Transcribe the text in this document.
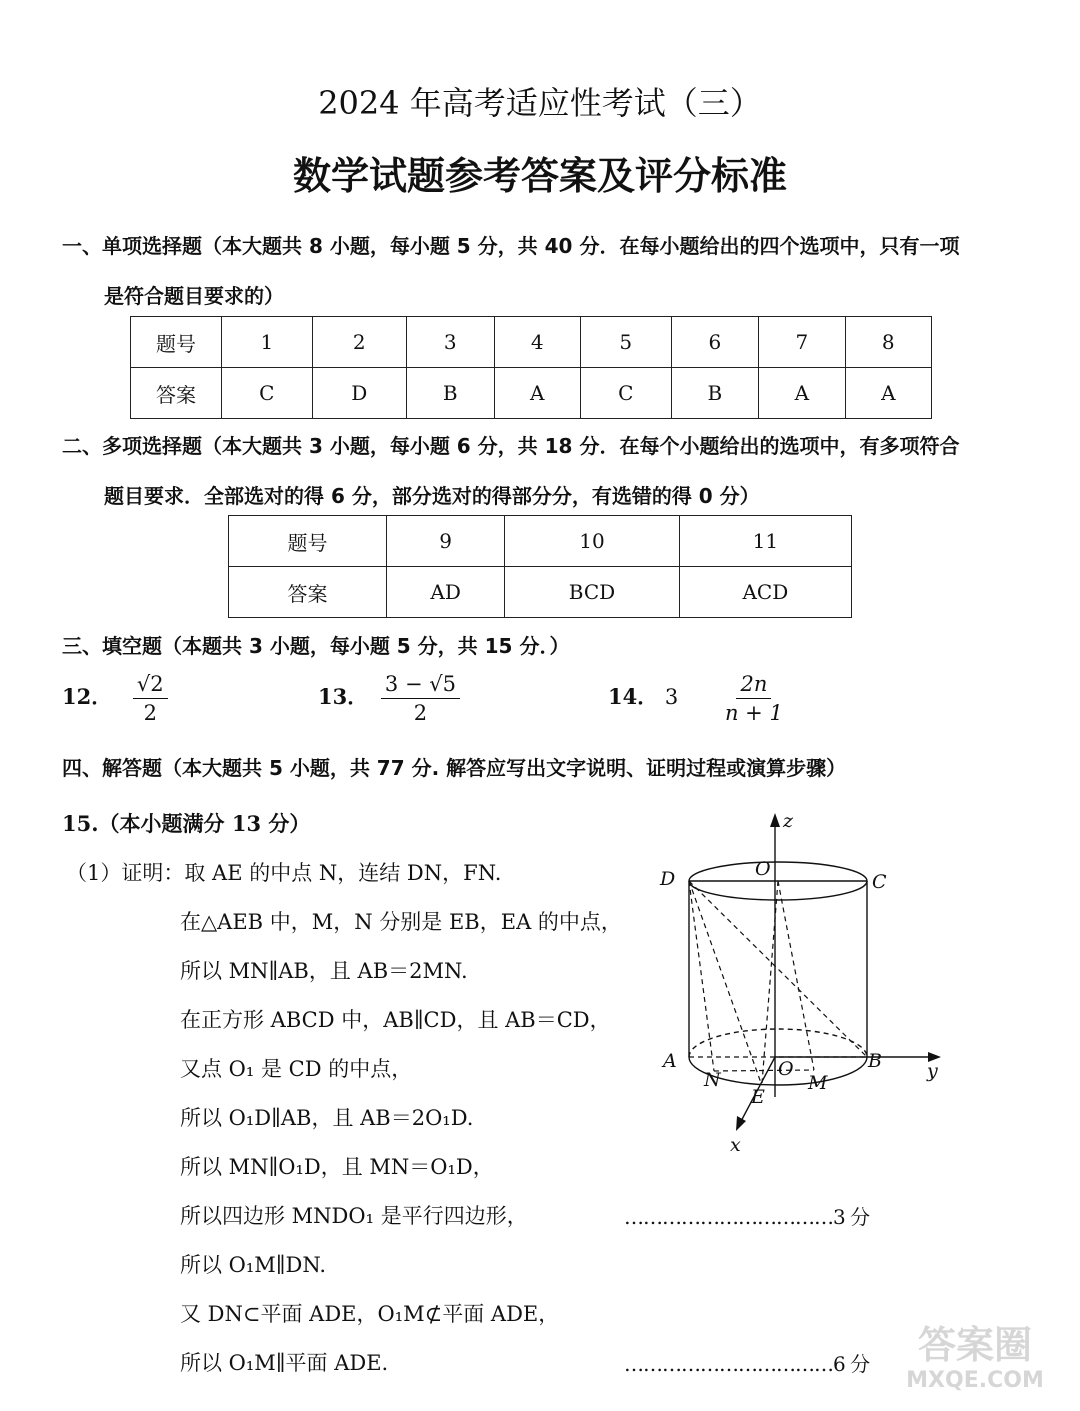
2024 年高考适应性考试（三）
数学试题参考答案及评分标准
一、单项选择题（本大题共 8 小题，每小题 5 分，共 40 分．在每小题给出的四个选项中，只有一项
是符合题目要求的）
题号	1	2	3	4	5	6	7	8
答案	C	D	B	A	C	B	A	A
二、多项选择题（本大题共 3 小题，每小题 6 分，共 18 分．在每个小题给出的选项中，有多项符合
题目要求．全部选对的得 6 分，部分选对的得部分分，有选错的得 0 分）
题号	9	10	11
答案	AD	BCD	ACD
三、填空题（本题共 3 小题，每小题 5 分，共 15 分．）
12． $\frac{√2}{2}$	13． $\frac{3 - √5}{2}$	14． $3 \frac{2n}{n + 1}$
四、解答题（本大题共 5 小题，共 77 分. 解答应写出文字说明、证明过程或演算步骤）
15.（本小题满分 13 分）
（1）证明：取 AE 的中点 N，连结 DN，FN.
在△AEB 中，M，N 分别是 EB，EA 的中点，
所以 MN∥AB，且 AB＝2MN.
在正方形 ABCD 中，AB∥CD，且 AB＝CD，
又点 O₁ 是 CD 的中点，
所以 O₁D∥AB，且 AB＝2O₁D.
所以 MN∥O₁D，且 MN＝O₁D，
所以四边形 MNDO₁ 是平行四边形，
所以 O₁M∥DN.
又 DN⊂平面 ADE，O₁M⊄平面 ADE，
所以 O₁M∥平面 ADE.
……………………………3 分
……………………………6 分
z
y
x
O
D	C
A	B
O
N	M
E
答案圈
MXQE.COM
